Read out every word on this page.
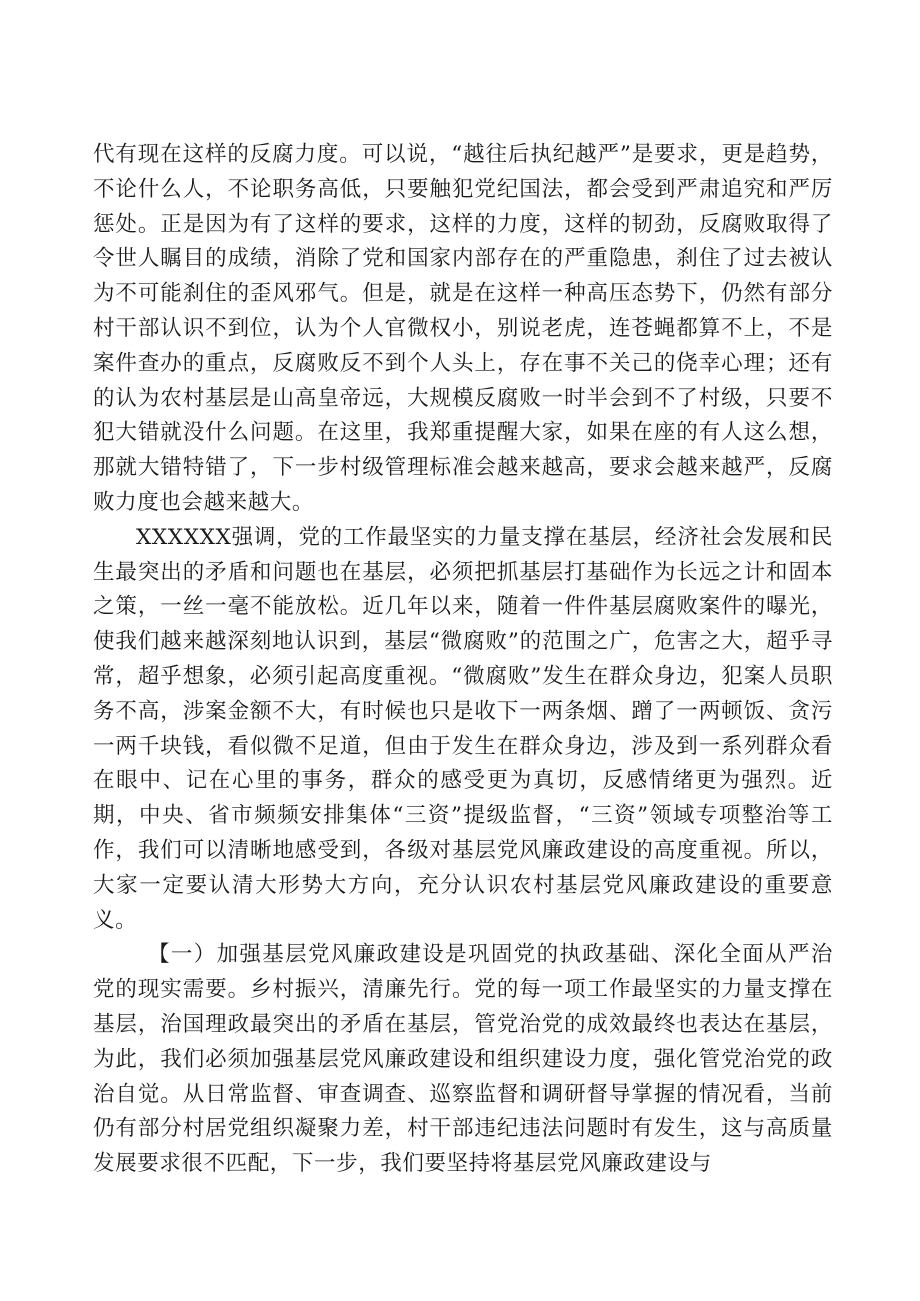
代有现在这样的反腐力度。可以说，“越往后执纪越严”是要求，更是趋势，不论什么人，不论职务高低，只要触犯党纪国法，都会受到严肃追究和严厉惩处。正是因为有了这样的要求，这样的力度，这样的韧劲，反腐败取得了令世人瞩目的成绩，消除了党和国家内部存在的严重隐患，刹住了过去被认为不可能刹住的歪风邪气。但是，就是在这样一种高压态势下，仍然有部分村干部认识不到位，认为个人官微权小，别说老虎，连苍蝇都算不上，不是案件查办的重点，反腐败反不到个人头上，存在事不关己的侥幸心理；还有的认为农村基层是山高皇帝远，大规模反腐败一时半会到不了村级，只要不犯大错就没什么问题。在这里，我郑重提醒大家，如果在座的有人这么想，那就大错特错了，下一步村级管理标准会越来越高，要求会越来越严，反腐败力度也会越来越大。

XXXXXX强调，党的工作最坚实的力量支撑在基层，经济社会发展和民生最突出的矛盾和问题也在基层，必须把抓基层打基础作为长远之计和固本之策，一丝一毫不能放松。近几年以来，随着一件件基层腐败案件的曝光，使我们越来越深刻地认识到，基层“微腐败”的范围之广，危害之大，超乎寻常，超乎想象，必须引起高度重视。“微腐败”发生在群众身边，犯案人员职务不高，涉案金额不大，有时候也只是收下一两条烟、蹭了一两顿饭、贪污一两千块钱，看似微不足道，但由于发生在群众身边，涉及到一系列群众看在眼中、记在心里的事务，群众的感受更为真切，反感情绪更为强烈。近期，中央、省市频频安排集体“三资”提级监督，“三资”领域专项整治等工作，我们可以清晰地感受到，各级对基层党风廉政建设的高度重视。所以，大家一定要认清大形势大方向，充分认识农村基层党风廉政建设的重要意义。

【一）加强基层党风廉政建设是巩固党的执政基础、深化全面从严治党的现实需要。乡村振兴，清廉先行。党的每一项工作最坚实的力量支撑在基层，治国理政最突出的矛盾在基层，管党治党的成效最终也表达在基层，为此，我们必须加强基层党风廉政建设和组织建设力度，强化管党治党的政治自觉。从日常监督、审查调查、巡察监督和调研督导掌握的情况看，当前仍有部分村居党组织凝聚力差，村干部违纪违法问题时有发生，这与高质量发展要求很不匹配，下一步，我们要坚持将基层党风廉政建设与
